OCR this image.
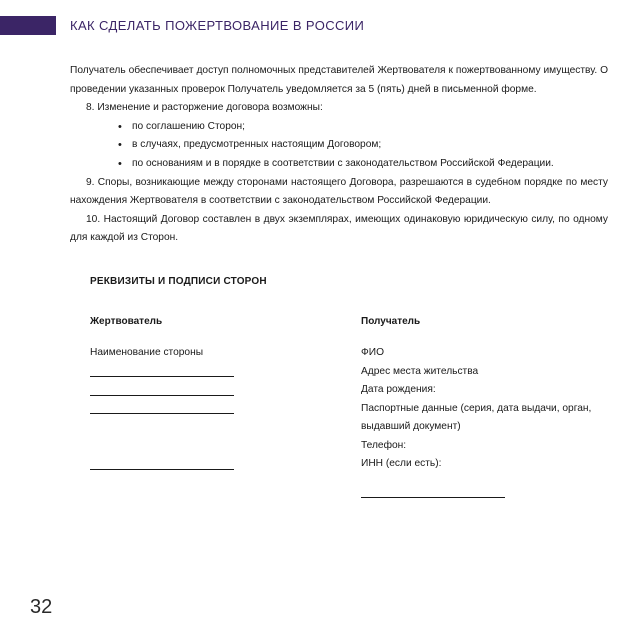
КАК СДЕЛАТЬ ПОЖЕРТВОВАНИЕ В РОССИИ

Получатель обеспечивает доступ полномочных представителей Жертвователя к пожертвованному имуществу. О проведении указанных проверок Получатель уведомляется за 5 (пять) дней в письменной форме.

8. Изменение и расторжение договора возможны:

• по соглашению Сторон;
• в случаях, предусмотренных настоящим Договором;
• по основаниям и в порядке в соответствии с законодательством Российской Федерации.

9. Споры, возникающие между сторонами настоящего Договора, разрешаются в судебном порядке по месту нахождения Жертвователя в соответствии с законодательством Российской Федерации.

10. Настоящий Договор составлен в двух экземплярах, имеющих одинаковую юридическую силу, по одному для каждой из Сторон.

РЕКВИЗИТЫ И ПОДПИСИ СТОРОН
Жертвователь	Получатель
Наименование стороны	ФИО
Адрес места жительства
Дата рождения:
Паспортные данные (серия, дата выдачи, орган, выдавший документ)
Телефон:
ИНН (если есть):
32
